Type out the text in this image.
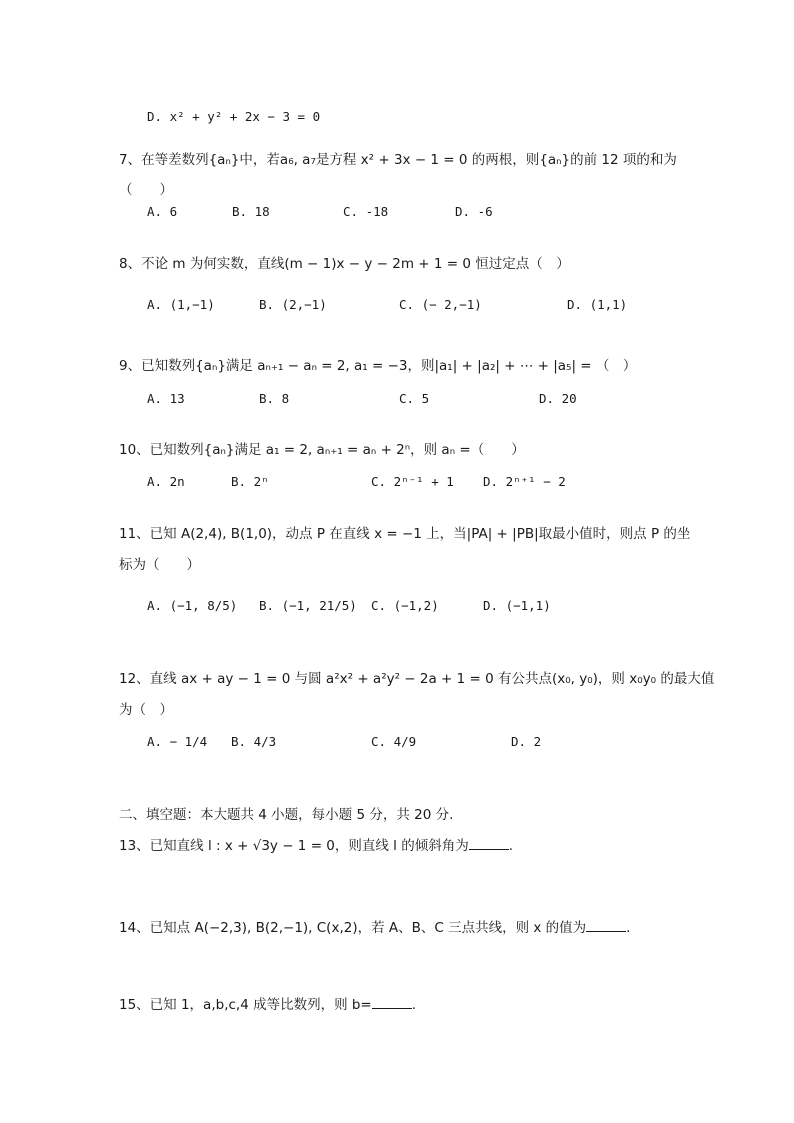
D. x² + y² + 2x − 3 = 0
7、在等差数列{aₙ}中，若a₆, a₇是方程 x² + 3x − 1 = 0 的两根，则{aₙ}的前 12 项的和为
（　　）
A. 6	B. 18	C. -18	D. -6
8、不论 m 为何实数，直线(m − 1)x − y − 2m + 1 = 0 恒过定点（　）
A. (1,−1)	B. (2,−1)	C. (− 2,−1)	D. (1,1)
9、已知数列{aₙ}满足 aₙ₊₁ − aₙ = 2, a₁ = −3，则|a₁| + |a₂| + ⋯ + |a₅| = （　）
A. 13	B. 8	C. 5	D. 20
10、已知数列{aₙ}满足 a₁ = 2, aₙ₊₁ = aₙ + 2ⁿ，则 aₙ =（　　）
A. 2n	B. 2ⁿ	C. 2ⁿ⁻¹ + 1 D. 2ⁿ⁺¹ − 2
11、已知 A(2,4), B(1,0)，动点 P 在直线 x = −1 上，当|PA| + |PB|取最小值时，则点 P 的坐
标为（　　）
A. (−1, 8/5) B. (−1, 21/5) C. (−1,2)	D. (−1,1)
12、直线 ax + ay − 1 = 0 与圆 a²x² + a²y² − 2a + 1 = 0 有公共点(x₀, y₀)，则 x₀y₀ 的最大值
为（　）
A. − 1/4 B. 4/3	C. 4/9	D. 2
二、填空题：本大题共 4 小题，每小题 5 分，共 20 分.
13、已知直线 l : x + √3y − 1 = 0，则直线 l 的倾斜角为	.
14、已知点 A(−2,3), B(2,−1), C(x,2)，若 A、B、C 三点共线，则 x 的值为	.
15、已知 1，a,b,c,4 成等比数列，则 b=	.
